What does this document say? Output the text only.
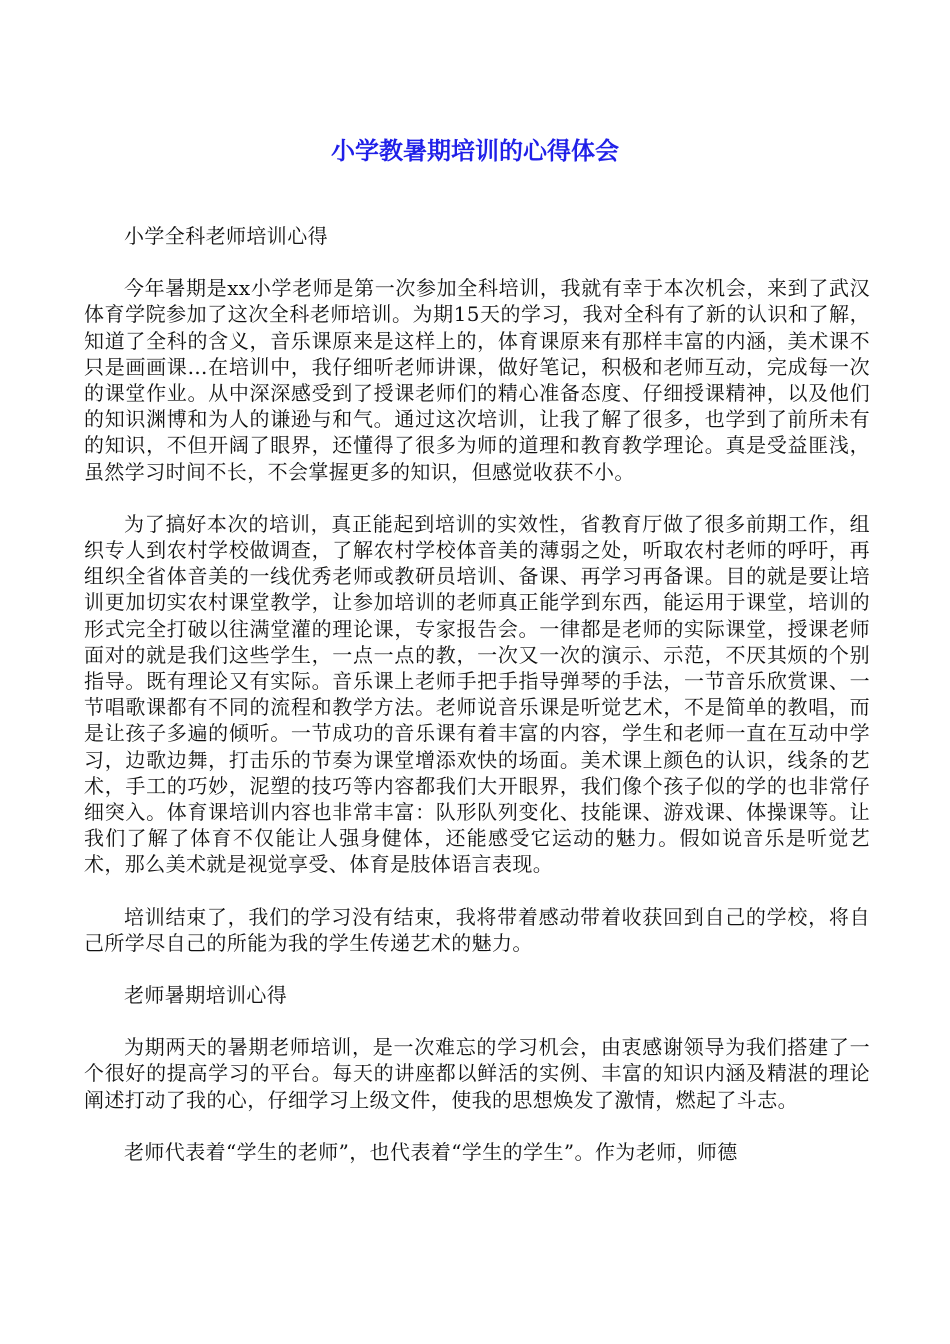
小学教暑期培训的心得体会

小学全科老师培训心得

今年暑期是xx小学老师是第一次参加全科培训，我就有幸于本次机会，来到了武汉体育学院参加了这次全科老师培训。为期15天的学习，我对全科有了新的认识和了解，知道了全科的含义，音乐课原来是这样上的，体育课原来有那样丰富的内涵，美术课不只是画画课…在培训中，我仔细听老师讲课，做好笔记，积极和老师互动，完成每一次的课堂作业。从中深深感受到了授课老师们的精心准备态度、仔细授课精神，以及他们的知识渊博和为人的谦逊与和气。通过这次培训，让我了解了很多，也学到了前所未有的知识，不但开阔了眼界，还懂得了很多为师的道理和教育教学理论。真是受益匪浅，虽然学习时间不长，不会掌握更多的知识，但感觉收获不小。

为了搞好本次的培训，真正能起到培训的实效性，省教育厅做了很多前期工作，组织专人到农村学校做调查，了解农村学校体音美的薄弱之处，听取农村老师的呼吁，再组织全省体音美的一线优秀老师或教研员培训、备课、再学习再备课。目的就是要让培训更加切实农村课堂教学，让参加培训的老师真正能学到东西，能运用于课堂，培训的形式完全打破以往满堂灌的理论课，专家报告会。一律都是老师的实际课堂，授课老师面对的就是我们这些学生，一点一点的教，一次又一次的演示、示范，不厌其烦的个别指导。既有理论又有实际。音乐课上老师手把手指导弹琴的手法，一节音乐欣赏课、一节唱歌课都有不同的流程和教学方法。老师说音乐课是听觉艺术，不是简单的教唱，而是让孩子多遍的倾听。一节成功的音乐课有着丰富的内容，学生和老师一直在互动中学习，边歌边舞，打击乐的节奏为课堂增添欢快的场面。美术课上颜色的认识，线条的艺术，手工的巧妙，泥塑的技巧等内容都我们大开眼界，我们像个孩子似的学的也非常仔细突入。体育课培训内容也非常丰富：队形队列变化、技能课、游戏课、体操课等。让我们了解了体育不仅能让人强身健体，还能感受它运动的魅力。假如说音乐是听觉艺术，那么美术就是视觉享受、体育是肢体语言表现。

培训结束了，我们的学习没有结束，我将带着感动带着收获回到自己的学校，将自己所学尽自己的所能为我的学生传递艺术的魅力。

老师暑期培训心得

为期两天的暑期老师培训，是一次难忘的学习机会，由衷感谢领导为我们搭建了一个很好的提高学习的平台。每天的讲座都以鲜活的实例、丰富的知识内涵及精湛的理论阐述打动了我的心，仔细学习上级文件，使我的思想焕发了激情，燃起了斗志。

老师代表着“学生的老师”，也代表着“学生的学生”。作为老师，师德
